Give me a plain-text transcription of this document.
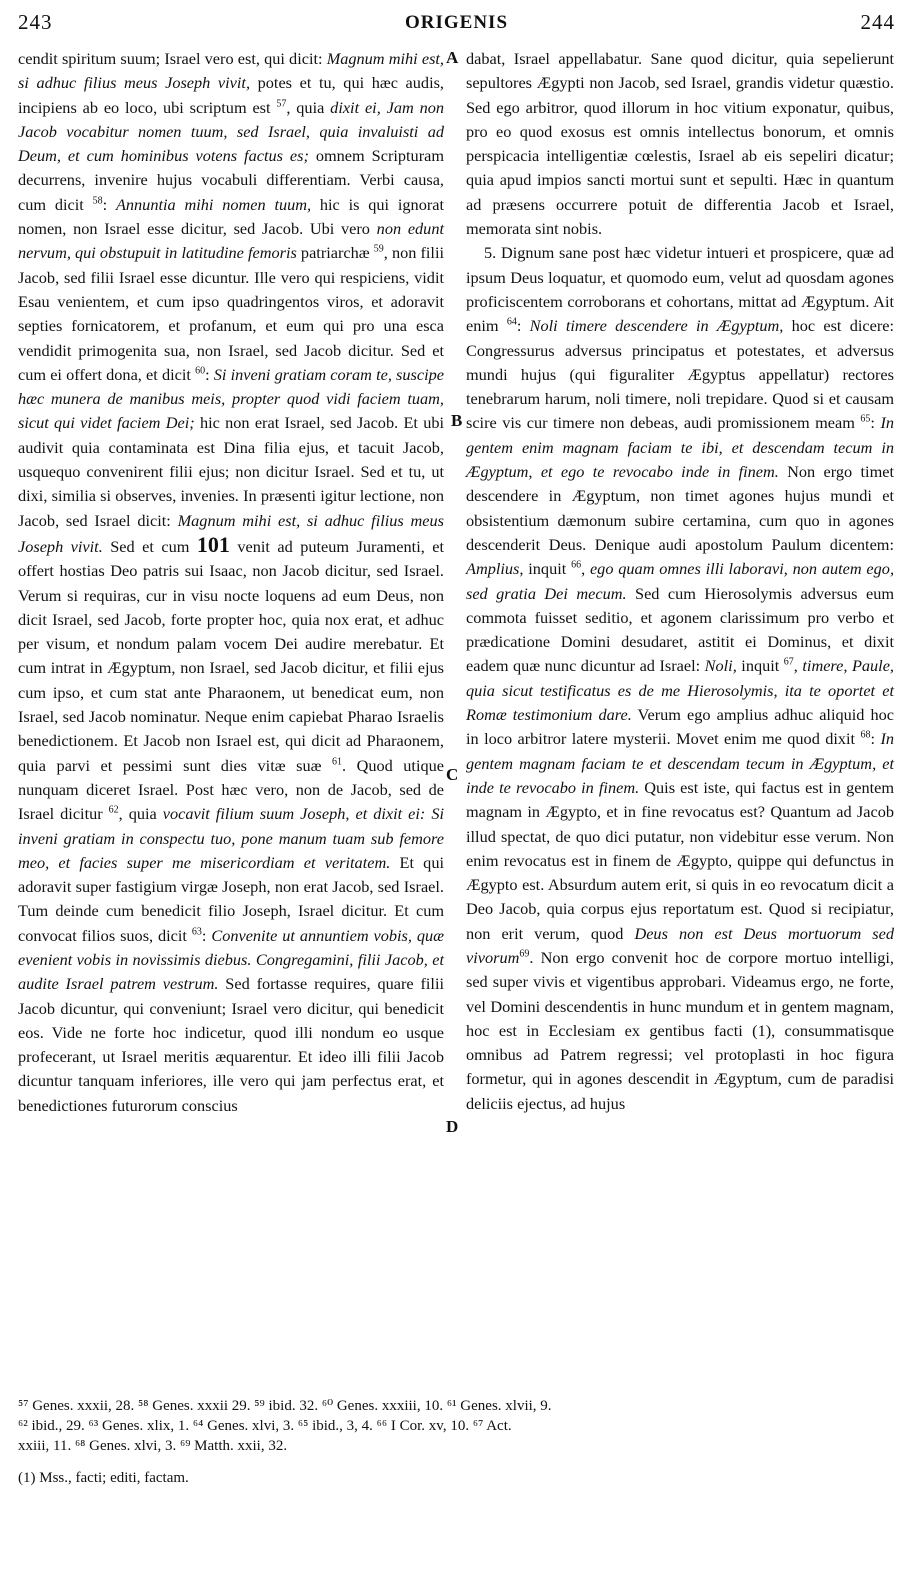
243	ORIGENIS	244
A
B
C
D

cendit spiritum suum; Israel vero est, qui dicit: Magnum mihi est, si adhuc filius meus Joseph vivit, potes et tu, qui hæc audis, incipiens ab eo loco, ubi scriptum est $^{57}$, quia dixit ei, Jam non Jacob vocabitur nomen tuum, sed Israel, quia invaluisti ad Deum, et cum hominibus votens factus es; omnem Scripturam decurrens, invenire hujus vocabuli differentiam. Verbi causa, cum dicit $^{58}$: Annuntia mihi nomen tuum, hic is qui ignorat nomen, non Israel esse dicitur, sed Jacob. Ubi vero non edunt nervum, qui obstupuit in latitudine femoris patriarchæ $^{59}$, non filii Jacob, sed filii Israel esse dicuntur. Ille vero qui respiciens, vidit Esau venientem, et cum ipso quadringentos viros, et adoravit septies fornicatorem, et profanum, et eum qui pro una esca vendidit primogenita sua, non Israel, sed Jacob dicitur. Sed et cum ei offert dona, et dicit $^{60}$: Si inveni gratiam coram te, suscipe hæc munera de manibus meis, propter quod vidi faciem tuam, sicut qui videt faciem Dei; hic non erat Israel, sed Jacob. Et ubi audivit quia contaminata est Dina filia ejus, et tacuit Jacob, usquequo convenirent filii ejus; non dicitur Israel. Sed et tu, ut dixi, similia si observes, invenies. In præsenti igitur lectione, non Jacob, sed Israel dicit: Magnum mihi est, si adhuc filius meus Joseph vivit. Sed et cum 101 venit ad puteum Juramenti, et offert hostias Deo patris sui Isaac, non Jacob dicitur, sed Israel. Verum si requiras, cur in visu nocte loquens ad eum Deus, non dicit Israel, sed Jacob, forte propter hoc, quia nox erat, et adhuc per visum, et nondum palam vocem Dei audire merebatur. Et cum intrat in Ægyptum, non Israel, sed Jacob dicitur, et filii ejus cum ipso, et cum stat ante Pharaonem, ut benedicat eum, non Israel, sed Jacob nominatur. Neque enim capiebat Pharao Israelis benedictionem. Et Jacob non Israel est, qui dicit ad Pharaonem, quia parvi et pessimi sunt dies vitæ suæ $^{61}$. Quod utique nunquam diceret Israel. Post hæc vero, non de Jacob, sed de Israel dicitur $^{62}$, quia vocavit filium suum Joseph, et dixit ei: Si inveni gratiam in conspectu tuo, pone manum tuam sub femore meo, et facies super me misericordiam et veritatem. Et qui adoravit super fastigium virgæ Joseph, non erat Jacob, sed Israel. Tum deinde cum benedicit filio Joseph, Israel dicitur. Et cum convocat filios suos, dicit $^{63}$: Convenite ut annuntiem vobis, quæ evenient vobis in novissimis diebus. Congregamini, filii Jacob, et audite Israel patrem vestrum. Sed fortasse requires, quare filii Jacob dicuntur, qui conveniunt; Israel vero dicitur, qui benedicit eos. Vide ne forte hoc indicetur, quod illi nondum eo usque profecerant, ut Israel meritis æquarentur. Et ideo illi filii Jacob dicuntur tanquam inferiores, ille vero qui jam perfectus erat, et benedictiones futurorum conscius

dabat, Israel appellabatur. Sane quod dicitur, quia sepelierunt sepultores Ægypti non Jacob, sed Israel, grandis videtur quæstio. Sed ego arbitror, quod illorum in hoc vitium exponatur, quibus, pro eo quod exosus est omnis intellectus bonorum, et omnis perspicacia intelligentiæ cœlestis, Israel ab eis sepeliri dicatur; quia apud impios sancti mortui sunt et sepulti. Hæc in quantum ad præsens occurrere potuit de differentia Jacob et Israel, memorata sint nobis.

5. Dignum sane post hæc videtur intueri et prospicere, quæ ad ipsum Deus loquatur, et quomodo eum, velut ad quosdam agones proficiscentem corroborans et cohortans, mittat ad Ægyptum. Ait enim $^{64}$: Noli timere descendere in Ægyptum, hoc est dicere: Congressurus adversus principatus et potestates, et adversus mundi hujus (qui figuraliter Ægyptus appellatur) rectores tenebrarum harum, noli timere, noli trepidare. Quod si et causam scire vis cur timere non debeas, audi promissionem meam $^{65}$: In gentem enim magnam faciam te ibi, et descendam tecum in Ægyptum, et ego te revocabo inde in finem. Non ergo timet descendere in Ægyptum, non timet agones hujus mundi et obsistentium dæmonum subire certamina, cum quo in agones descenderit Deus. Denique audi apostolum Paulum dicentem: Amplius, inquit $^{66}$, ego quam omnes illi laboravi, non autem ego, sed gratia Dei mecum. Sed cum Hierosolymis adversus eum commota fuisset seditio, et agonem clarissimum pro verbo et prædicatione Domini desudaret, astitit ei Dominus, et dixit eadem quæ nunc dicuntur ad Israel: Noli, inquit $^{67}$, timere, Paule, quia sicut testificatus es de me Hierosolymis, ita te oportet et Romæ testimonium dare. Verum ego amplius adhuc aliquid hoc in loco arbitror latere mysterii. Movet enim me quod dixit $^{68}$: In gentem magnam faciam te et descendam tecum in Ægyptum, et inde te revocabo in finem. Quis est iste, qui factus est in gentem magnam in Ægypto, et in fine revocatus est? Quantum ad Jacob illud spectat, de quo dici putatur, non videbitur esse verum. Non enim revocatus est in finem de Ægypto, quippe qui defunctus in Ægypto est. Absurdum autem erit, si quis in eo revocatum dicit a Deo Jacob, quia corpus ejus reportatum est. Quod si recipiatur, non erit verum, quod Deus non est Deus mortuorum sed vivorum$^{69}$. Non ergo convenit hoc de corpore mortuo intelligi, sed super vivis et vigentibus approbari. Videamus ergo, ne forte, vel Domini descendentis in hunc mundum et in gentem magnam, hoc est in Ecclesiam ex gentibus facti (1), consummatisque omnibus ad Patrem regressi; vel protoplasti in hoc figura formetur, qui in agones descendit in Ægyptum, cum de paradisi deliciis ejectus, ad hujus

⁵⁷ Genes. xxxii, 28. ⁵⁸ Genes. xxxii 29. ⁵⁹ ibid. 32. ⁶⁰ Genes. xxxiii, 10. ⁶¹ Genes. xlvii, 9.

⁶² ibid., 29. ⁶³ Genes. xlix, 1. ⁶⁴ Genes. xlvi, 3. ⁶⁵ ibid., 3, 4. ⁶⁶ I Cor. xv, 10. ⁶⁷ Act.

xxiii, 11. ⁶⁸ Genes. xlvi, 3. ⁶⁹ Matth. xxii, 32.

(1) Mss., facti; editi, factam.
